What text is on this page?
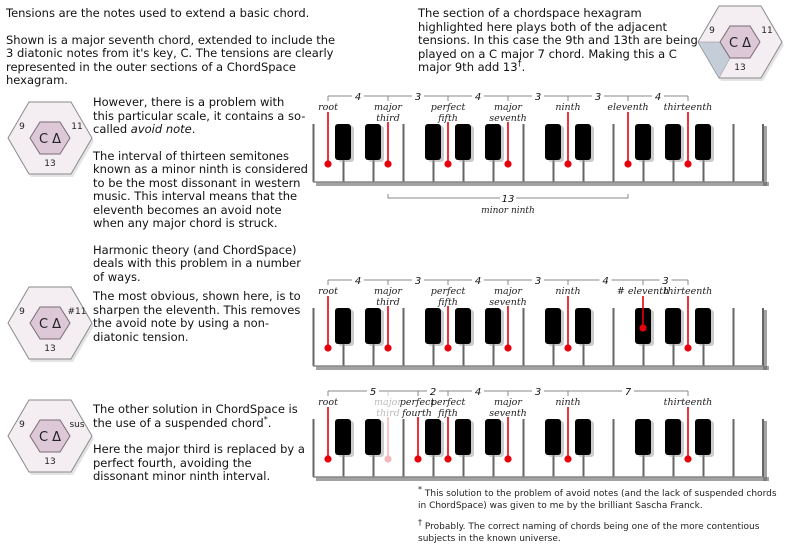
Tensions are the notes used to extend a basic chord.

Shown is a major seventh chord, extended to include the 3 diatonic notes from it's key, C. The tensions are clearly represented in the outer sections of a ChordSpace hexagram.

The section of a chordspace hexagram highlighted here plays both of the adjacent tensions. In this case the 9th and 13th are being played on a C major 7 chord. Making this a C major 9th add 13†.
C Δ
9	11
13
C Δ
9	11
13
C Δ
9	#11
13
C Δ
9	sus
13

However, there is a problem with this particular scale, it contains a so-called avoid note.

The interval of thirteen semitones known as a minor ninth is considered to be the most dissonant in western music. This interval means that the eleventh becomes an avoid note when any major chord is struck.

Harmonic theory (and ChordSpace) deals with this problem in a number of ways.

The most obvious, shown here, is to sharpen the eleventh. This removes the avoid note by using a non-diatonic tension.

The other solution in ChordSpace is the use of a suspended chord*.

Here the major third is replaced by a perfect fourth, avoiding the dissonant minor ninth interval.

4	3	4	3	3	4
root	major
third
perfect
fifth
major
seventh
ninth	eleventh thirteenth
13
minor ninth
4	3	4	3	4	3
root	major
third
perfect
fifth
major
seventh
ninth	# eleventh
thirteenth
5	2	4	3	7
root	major
third
perfect
fourth
perfect
fifth
major
seventh
ninth	thirteenth
* This solution to the problem of avoid notes (and the lack of suspended chords in ChordSpace) was given to me by the brilliant Sascha Franck.
† Probably. The correct naming of chords being one of the more contentious subjects in the known universe.
